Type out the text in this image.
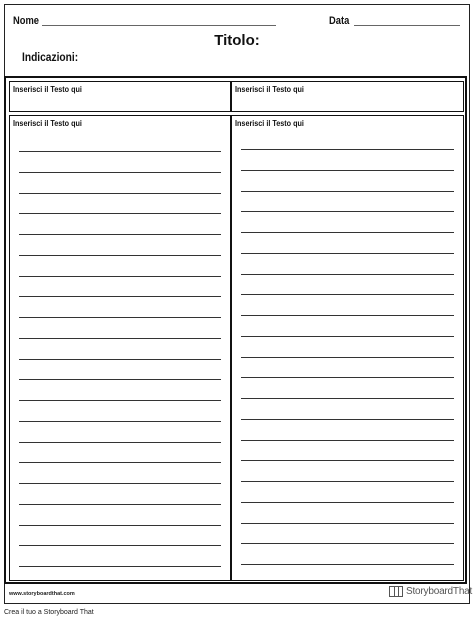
Nome	Data
Titolo:
Indicazioni:
Inserisci il Testo qui	Inserisci il Testo qui
Inserisci il Testo qui	Inserisci il Testo qui
www.storyboardthat.com	StoryboardThat
Crea il tuo a Storyboard That
